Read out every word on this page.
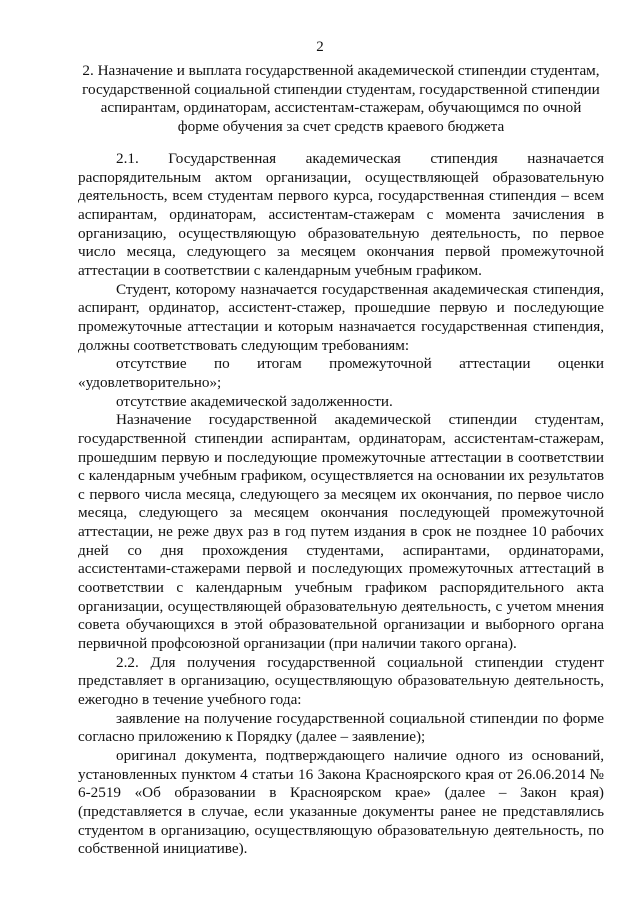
2
2. Назначение и выплата государственной академической стипендии студентам,
государственной социальной стипендии студентам, государственной стипендии
аспирантам, ординаторам, ассистентам-стажерам, обучающимся по очной
форме обучения за счет средств краевого бюджета

2.1. Государственная академическая стипендия назначается распорядительным актом организации, осуществляющей образовательную деятельность, всем студентам первого курса, государственная стипендия – всем аспирантам, ординаторам, ассистентам-стажерам с момента зачисления в организацию, осуществляющую образовательную деятельность, по первое число месяца, следующего за месяцем окончания первой промежуточной аттестации в соответствии с календарным учебным графиком.

Студент, которому назначается государственная академическая стипендия, аспирант, ординатор, ассистент-стажер, прошедшие первую и последующие промежуточные аттестации и которым назначается государственная стипендия, должны соответствовать следующим требованиям:

отсутствие по итогам промежуточной аттестации оценки «удовлетворительно»;

отсутствие академической задолженности.

Назначение государственной академической стипендии студентам, государственной стипендии аспирантам, ординаторам, ассистентам-стажерам, прошедшим первую и последующие промежуточные аттестации в соответствии с календарным учебным графиком, осуществляется на основании их результатов с первого числа месяца, следующего за месяцем их окончания, по первое число месяца, следующего за месяцем окончания последующей промежуточной аттестации, не реже двух раз в год путем издания в срок не позднее 10 рабочих дней со дня прохождения студентами, аспирантами, ординаторами, ассистентами-стажерами первой и последующих промежуточных аттестаций в соответствии с календарным учебным графиком распорядительного акта организации, осуществляющей образовательную деятельность, с учетом мнения совета обучающихся в этой образовательной организации и выборного органа первичной профсоюзной организации (при наличии такого органа).

2.2. Для получения государственной социальной стипендии студент представляет в организацию, осуществляющую образовательную деятельность, ежегодно в течение учебного года:

заявление на получение государственной социальной стипендии по форме согласно приложению к Порядку (далее – заявление);

оригинал документа, подтверждающего наличие одного из оснований, установленных пунктом 4 статьи 16 Закона Красноярского края от 26.06.2014 № 6-2519 «Об образовании в Красноярском крае» (далее – Закон края) (представляется в случае, если указанные документы ранее не представлялись студентом в организацию, осуществляющую образовательную деятельность, по собственной инициативе).
